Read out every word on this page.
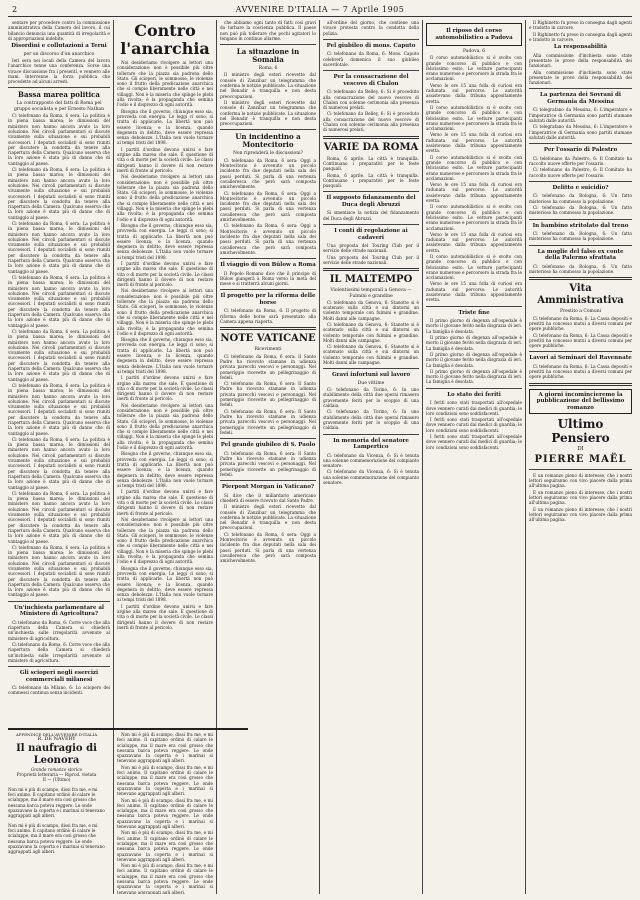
2	AVVENIRE D'ITALIA — 7 Aprile 1905

sentare per procedere contro la commissione amministrativa della Camera del lavoro, il cui bilancio denuncia una quantità di irregolarità e di appropriazioni indebite.

Disordini e collutazioni a Terni
per un discorso d'un anarchico

Ieri sera nei locali della Camera del lavoro l'anarchico tenne una conferenza. Sorse una vivace discussione fra i presenti, e vennero alle mani. Intervenne la forza pubblica che procedette ad alcuni arresti.

Bassa marea politica
La contrapposto del fatti di Roma pel gruppo socialista e per Ernesto Nathan

Ci telefonano da Roma, 6 sera: La politica è in piena bassa marea; le dimissioni del ministero non hanno ancora avuto la loro soluzione. Nei circoli parlamentari si discute vivamente sulla situazione e sui probabili successori. I deputati socialisti si sono riuniti per discutere la condotta da tenere alla riapertura della Camera. Qualcuno osserva che la loro azione è stata più di danno che di vantaggio al paese.

Ci telefonano da Roma, 6 sera: La politica è in piena bassa marea; le dimissioni del ministero non hanno ancora avuto la loro soluzione. Nei circoli parlamentari si discute vivamente sulla situazione e sui probabili successori. I deputati socialisti si sono riuniti per discutere la condotta da tenere alla riapertura della Camera. Qualcuno osserva che la loro azione è stata più di danno che di vantaggio al paese.

Ci telefonano da Roma, 6 sera: La politica è in piena bassa marea; le dimissioni del ministero non hanno ancora avuto la loro soluzione. Nei circoli parlamentari si discute vivamente sulla situazione e sui probabili successori. I deputati socialisti si sono riuniti per discutere la condotta da tenere alla riapertura della Camera. Qualcuno osserva che la loro azione è stata più di danno che di vantaggio al paese.

Ci telefonano da Roma, 6 sera: La politica è in piena bassa marea; le dimissioni del ministero non hanno ancora avuto la loro soluzione. Nei circoli parlamentari si discute vivamente sulla situazione e sui probabili successori. I deputati socialisti si sono riuniti per discutere la condotta da tenere alla riapertura della Camera. Qualcuno osserva che la loro azione è stata più di danno che di vantaggio al paese.

Ci telefonano da Roma, 6 sera: La politica è in piena bassa marea; le dimissioni del ministero non hanno ancora avuto la loro soluzione. Nei circoli parlamentari si discute vivamente sulla situazione e sui probabili successori. I deputati socialisti si sono riuniti per discutere la condotta da tenere alla riapertura della Camera. Qualcuno osserva che la loro azione è stata più di danno che di vantaggio al paese.

Ci telefonano da Roma, 6 sera: La politica è in piena bassa marea; le dimissioni del ministero non hanno ancora avuto la loro soluzione. Nei circoli parlamentari si discute vivamente sulla situazione e sui probabili successori. I deputati socialisti si sono riuniti per discutere la condotta da tenere alla riapertura della Camera. Qualcuno osserva che la loro azione è stata più di danno che di vantaggio al paese.

Ci telefonano da Roma, 6 sera: La politica è in piena bassa marea; le dimissioni del ministero non hanno ancora avuto la loro soluzione. Nei circoli parlamentari si discute vivamente sulla situazione e sui probabili successori. I deputati socialisti si sono riuniti per discutere la condotta da tenere alla riapertura della Camera. Qualcuno osserva che la loro azione è stata più di danno che di vantaggio al paese.

Ci telefonano da Roma, 6 sera: La politica è in piena bassa marea; le dimissioni del ministero non hanno ancora avuto la loro soluzione. Nei circoli parlamentari si discute vivamente sulla situazione e sui probabili successori. I deputati socialisti si sono riuniti per discutere la condotta da tenere alla riapertura della Camera. Qualcuno osserva che la loro azione è stata più di danno che di vantaggio al paese.

Ci telefonano da Roma, 6 sera: La politica è in piena bassa marea; le dimissioni del ministero non hanno ancora avuto la loro soluzione. Nei circoli parlamentari si discute vivamente sulla situazione e sui probabili successori. I deputati socialisti si sono riuniti per discutere la condotta da tenere alla riapertura della Camera. Qualcuno osserva che la loro azione è stata più di danno che di vantaggio al paese.

Un'inchiesta parlamentare al Ministero di Agricoltura?

Ci telefonano da Roma, 6: Corre voce che alla riapertura della Camera si chiederà un'inchiesta sulle irregolarità avvenute al ministero di agricoltura.

Ci telefonano da Roma, 6: Corre voce che alla riapertura della Camera si chiederà un'inchiesta sulle irregolarità avvenute al ministero di agricoltura.

Gli scioperi negli esercizi commerciali milanesi

Ci telefonano da Milano, 6: Lo sciopero dei commessi continua senza incidenti.

Contro l'anarchia

Noi desideriamo rivolgere ai lettori una considerazione: non è possibile più oltre tollerare che la piazza sia padrona dello Stato. Gli scioperi, le sommosse, le violenze sono il frutto della predicazione anarchica che si compie liberamente nelle città e nei villaggi. Non è la miseria che spinge le plebi alla rivolta; è la propaganda che semina l'odio e il disprezzo di ogni autorità.

Bisogna che il governo, chiunque esso sia, provveda con energia. Le leggi ci sono; si tratta di applicarle. La libertà non può essere licenza; e la licenza, quando degenera in delitto, deve essere repressa senza debolezze. L'Italia non vuole tornare ai tempi tristi del 1898.

I partiti d'ordine devono unirsi e fare argine alla marea che sale. È questione di vita o di morte per la società civile. Le classi dirigenti hanno il dovere di non restare inerti di fronte al pericolo.

Noi desideriamo rivolgere ai lettori una considerazione: non è possibile più oltre tollerare che la piazza sia padrona dello Stato. Gli scioperi, le sommosse, le violenze sono il frutto della predicazione anarchica che si compie liberamente nelle città e nei villaggi. Non è la miseria che spinge le plebi alla rivolta; è la propaganda che semina l'odio e il disprezzo di ogni autorità.

Bisogna che il governo, chiunque esso sia, provveda con energia. Le leggi ci sono; si tratta di applicarle. La libertà non può essere licenza; e la licenza, quando degenera in delitto, deve essere repressa senza debolezze. L'Italia non vuole tornare ai tempi tristi del 1898.

I partiti d'ordine devono unirsi e fare argine alla marea che sale. È questione di vita o di morte per la società civile. Le classi dirigenti hanno il dovere di non restare inerti di fronte al pericolo.

Noi desideriamo rivolgere ai lettori una considerazione: non è possibile più oltre tollerare che la piazza sia padrona dello Stato. Gli scioperi, le sommosse, le violenze sono il frutto della predicazione anarchica che si compie liberamente nelle città e nei villaggi. Non è la miseria che spinge le plebi alla rivolta; è la propaganda che semina l'odio e il disprezzo di ogni autorità.

Bisogna che il governo, chiunque esso sia, provveda con energia. Le leggi ci sono; si tratta di applicarle. La libertà non può essere licenza; e la licenza, quando degenera in delitto, deve essere repressa senza debolezze. L'Italia non vuole tornare ai tempi tristi del 1898.

I partiti d'ordine devono unirsi e fare argine alla marea che sale. È questione di vita o di morte per la società civile. Le classi dirigenti hanno il dovere di non restare inerti di fronte al pericolo.

Noi desideriamo rivolgere ai lettori una considerazione: non è possibile più oltre tollerare che la piazza sia padrona dello Stato. Gli scioperi, le sommosse, le violenze sono il frutto della predicazione anarchica che si compie liberamente nelle città e nei villaggi. Non è la miseria che spinge le plebi alla rivolta; è la propaganda che semina l'odio e il disprezzo di ogni autorità.

Bisogna che il governo, chiunque esso sia, provveda con energia. Le leggi ci sono; si tratta di applicarle. La libertà non può essere licenza; e la licenza, quando degenera in delitto, deve essere repressa senza debolezze. L'Italia non vuole tornare ai tempi tristi del 1898.

I partiti d'ordine devono unirsi e fare argine alla marea che sale. È questione di vita o di morte per la società civile. Le classi dirigenti hanno il dovere di non restare inerti di fronte al pericolo.

Noi desideriamo rivolgere ai lettori una considerazione: non è possibile più oltre tollerare che la piazza sia padrona dello Stato. Gli scioperi, le sommosse, le violenze sono il frutto della predicazione anarchica che si compie liberamente nelle città e nei villaggi. Non è la miseria che spinge le plebi alla rivolta; è la propaganda che semina l'odio e il disprezzo di ogni autorità.

Bisogna che il governo, chiunque esso sia, provveda con energia. Le leggi ci sono; si tratta di applicarle. La libertà non può essere licenza; e la licenza, quando degenera in delitto, deve essere repressa senza debolezze. L'Italia non vuole tornare ai tempi tristi del 1898.

I partiti d'ordine devono unirsi e fare argine alla marea che sale. È questione di vita o di morte per la società civile. Le classi dirigenti hanno il dovere di non restare inerti di fronte al pericolo.

che abbiamo ogni tanto di fatti così gravi da turbare la coscienza pubblica. Il paese non può più tollerare che pochi agitatori lo tengano in continuo allarme.

La situazione in Somalia
Roma, 6

Il ministro degli esteri ricevette dal console di Zanzibar un telegramma che conferma le notizie pubblicate. La situazione nel Benadir è tranquilla e non desta preoccupazioni.

Il ministro degli esteri ricevette dal console di Zanzibar un telegramma che conferma le notizie pubblicate. La situazione nel Benadir è tranquilla e non desta preoccupazioni.

Un incidentino a Montecitorio
Non riprenderà le discussioni?

Ci telefonano da Roma, 6 sera: Oggi a Montecitorio è avvenuto un piccolo incidente fra due deputati nella sala dei passi perduti. Si parla di una vertenza cavalleresca che però sarà composta amichevolmente.

Ci telefonano da Roma, 6 sera: Oggi a Montecitorio è avvenuto un piccolo incidente fra due deputati nella sala dei passi perduti. Si parla di una vertenza cavalleresca che però sarà composta amichevolmente.

Ci telefonano da Roma, 6 sera: Oggi a Montecitorio è avvenuto un piccolo incidente fra due deputati nella sala dei passi perduti. Si parla di una vertenza cavalleresca che però sarà composta amichevolmente.

Il viaggio di von Bülow a Roma

Il Popolo Romano dice che il principe di Bülow giungerà a Roma verso la metà del mese e si tratterrà alcuni giorni.

Il progetto per la riforma delle borse

Ci telefonano da Roma, 6: Il progetto di riforma delle borse sarà presentato alla Camera appena riaperta.

NOTE VATICANE
Ricevimenti

Ci telefonano da Roma, 6 sera: Il Santo Padre ha ricevuto stamane in udienza privata parecchi vescovi e personaggi. Nel pomeriggio ricevette un pellegrinaggio di fedeli.

Ci telefonano da Roma, 6 sera: Il Santo Padre ha ricevuto stamane in udienza privata parecchi vescovi e personaggi. Nel pomeriggio ricevette un pellegrinaggio di fedeli.

Ci telefonano da Roma, 6 sera: Il Santo Padre ha ricevuto stamane in udienza privata parecchi vescovi e personaggi. Nel pomeriggio ricevette un pellegrinaggio di fedeli.

Pel grande giubileo di S. Paolo

Ci telefonano da Roma, 6 sera: Il Santo Padre ha ricevuto stamane in udienza privata parecchi vescovi e personaggi. Nel pomeriggio ricevette un pellegrinaggio di fedeli.

Pierpont Morgan in Vaticano?

Si dice che il miliardario americano chiederà di essere ricevuto dal Santo Padre.

Il ministro degli esteri ricevette dal console di Zanzibar un telegramma che conferma le notizie pubblicate. La situazione nel Benadir è tranquilla e non desta preoccupazioni.

Ci telefonano da Roma, 6 sera: Oggi a Montecitorio è avvenuto un piccolo incidente fra due deputati nella sala dei passi perduti. Si parla di una vertenza cavalleresca che però sarà composta amichevolmente.

all'ordine del giorno, che contiene una vivace protesta contro la condotta della polizia.

Pel giubileo di mons. Caputo

Ci telefonano da Roma, 6: Mons. Caputo celebrerà domenica il suo giubileo sacerdotale.

Per la consacrazione del vescovo di Chalon

Ci telefonano da Belley, 6: Si è proceduto alla consacrazione del nuovo vescovo di Chalon con solenne cerimonia alla presenza di numerosi prelati.

Ci telefonano da Belley, 6: Si è proceduto alla consacrazione del nuovo vescovo di Chalon con solenne cerimonia alla presenza di numerosi prelati.

VARIE DA ROMA

Roma, 6 aprile. La città è tranquilla. Continuano i preparativi per le feste pasquali.

Roma, 6 aprile. La città è tranquilla. Continuano i preparativi per le feste pasquali.

Il supposto fidanzamento del Duca degli Abruzzi

Si smentisce la notizia del fidanzamento del Duca degli Abruzzi.

I conti di regolazione ai cadaveri

Una proposta del Touring Club per il servizio delle strade nazionali.

Una proposta del Touring Club per il servizio delle strade nazionali.

IL MALTEMPO
Violentissimi temporali a Genova — Fulmini e grandine

Ci telefonano da Genova, 6: Stanotte si è scatenato sulla città e sui dintorni un violento temporale con fulmini e grandine. Molti danni alle campagne.

Ci telefonano da Genova, 6: Stanotte si è scatenato sulla città e sui dintorni un violento temporale con fulmini e grandine. Molti danni alle campagne.

Ci telefonano da Genova, 6: Stanotte si è scatenato sulla città e sui dintorni un violento temporale con fulmini e grandine. Molti danni alle campagne.

Gravi infortuni sul lavoro
Due vittime

Ci telefonano da Torino, 6: In uno stabilimento della città due operai rimasero gravemente feriti per lo scoppio di una caldaia.

Ci telefonano da Torino, 6: In uno stabilimento della città due operai rimasero gravemente feriti per lo scoppio di una caldaia.

In memoria del senatore Lampertico

Ci telefonano da Vicenza, 6: Si è tenuta una solenne commemorazione del compianto senatore.

Ci telefonano da Vicenza, 6: Si è tenuta una solenne commemorazione del compianto senatore.

Il riposo del corso automobilistico a Padova
Padova, 6

Il corso automobilistico si è svolto con grande concorso di pubblico e con felicissimo esito. Le vetture partecipanti erano numerose e percorsero la strada fra le acclamazioni.

Verso le ore 15 una folla di curiosi era radunata sul percorso. Le autorità assistevano dalla tribuna appositamente eretta.

Il corso automobilistico si è svolto con grande concorso di pubblico e con felicissimo esito. Le vetture partecipanti erano numerose e percorsero la strada fra le acclamazioni.

Verso le ore 15 una folla di curiosi era radunata sul percorso. Le autorità assistevano dalla tribuna appositamente eretta.

Il corso automobilistico si è svolto con grande concorso di pubblico e con felicissimo esito. Le vetture partecipanti erano numerose e percorsero la strada fra le acclamazioni.

Verso le ore 15 una folla di curiosi era radunata sul percorso. Le autorità assistevano dalla tribuna appositamente eretta.

Il corso automobilistico si è svolto con grande concorso di pubblico e con felicissimo esito. Le vetture partecipanti erano numerose e percorsero la strada fra le acclamazioni.

Verso le ore 15 una folla di curiosi era radunata sul percorso. Le autorità assistevano dalla tribuna appositamente eretta.

Il corso automobilistico si è svolto con grande concorso di pubblico e con felicissimo esito. Le vetture partecipanti erano numerose e percorsero la strada fra le acclamazioni.

Verso le ore 15 una folla di curiosi era radunata sul percorso. Le autorità assistevano dalla tribuna appositamente eretta.

Triste fine

Il primo giorno di degenza all'ospedale è morto il giovane ferito nella disgrazia di ieri. La famiglia è desolata.

Il primo giorno di degenza all'ospedale è morto il giovane ferito nella disgrazia di ieri. La famiglia è desolata.

Il primo giorno di degenza all'ospedale è morto il giovane ferito nella disgrazia di ieri. La famiglia è desolata.

Il primo giorno di degenza all'ospedale è morto il giovane ferito nella disgrazia di ieri. La famiglia è desolata.

Lo stato dei feriti

I feriti sono stati trasportati all'ospedale dove vennero curati dai medici di guardia; le loro condizioni sono soddisfacenti.

I feriti sono stati trasportati all'ospedale dove vennero curati dai medici di guardia; le loro condizioni sono soddisfacenti.

I feriti sono stati trasportati all'ospedale dove vennero curati dai medici di guardia; le loro condizioni sono soddisfacenti.

Il Righinetto fu preso in consegna dagli agenti e tradotto in carcere.

Il Righinetto fu preso in consegna dagli agenti e tradotto in carcere.

La responsabilità

Alla commissione d'inchiesta sono state presentate le prove della responsabilità dei funzionari.

Alla commissione d'inchiesta sono state presentate le prove della responsabilità dei funzionari.

La partenza dei Sovrani di Germania da Messina

Ci telegrafano da Messina, 6: L'imperatore e l'imperatrice di Germania sono partiti stamane salutati dalle autorità.

Ci telegrafano da Messina, 6: L'imperatore e l'imperatrice di Germania sono partiti stamane salutati dalle autorità.

Per l'ossario di Palestro

Ci telefonano da Palestro, 6: Il Comitato ha raccolto nuove offerte per l'ossario.

Ci telefonano da Palestro, 6: Il Comitato ha raccolto nuove offerte per l'ossario.

Delitto e suicidio?

Ci telefonano da Bologna, 6: Un fatto misterioso ha commosso la popolazione.

Ci telefonano da Bologna, 6: Un fatto misterioso ha commosso la popolazione.

In bambino stritolato dal treno

Ci telefonano da Bologna, 6: Un fatto misterioso ha commosso la popolazione.

La moglie del falso ex conte della Palermo sfrattata

Ci telefonano da Bologna, 6: Un fatto misterioso ha commosso la popolazione.

Vita Amministrativa
Prestito a Comuni

Ci telefonano da Roma, 6: La Cassa depositi e prestiti ha concesso mutui a diversi comuni per opere pubbliche.

Ci telefonano da Roma, 6: La Cassa depositi e prestiti ha concesso mutui a diversi comuni per opere pubbliche.

Lavori ai Seminari del Ravennate

Ci telefonano da Roma, 6: La Cassa depositi e prestiti ha concesso mutui a diversi comuni per opere pubbliche.

A giorni incomincieremo la pubblicazione del bellissimo romanzo
Ultimo Pensiero
DI
PIERRE MAËL

E un romanzo pieno di interesse, che i nostri lettori seguiranno con vivo piacere dalla prima all'ultima pagina.

E un romanzo pieno di interesse, che i nostri lettori seguiranno con vivo piacere dalla prima all'ultima pagina.

E un romanzo pieno di interesse, che i nostri lettori seguiranno con vivo piacere dalla prima all'ultima pagina.

APPENDICE DELL'AVVENIRE D'ITALIA
R. DE NAVERY
Il naufragio di Leonora
Grande romanzo storico
Proprietà letteraria — Riprod. vietata
II — (Ultimo)

Non mi è più di scampo, dissi fra me, e mi feci animo. Il capitano ordinò di calare le scialuppe, ma il mare era così grosso che nessuna barca poteva reggere. Le onde spazzavano la coperta e i marinai si tenevano aggrappati agli alberi.

Non mi è più di scampo, dissi fra me, e mi feci animo. Il capitano ordinò di calare le scialuppe, ma il mare era così grosso che nessuna barca poteva reggere. Le onde spazzavano la coperta e i marinai si tenevano aggrappati agli alberi.

Non mi è più di scampo, dissi fra me, e mi feci animo. Il capitano ordinò di calare le scialuppe, ma il mare era così grosso che nessuna barca poteva reggere. Le onde spazzavano la coperta e i marinai si tenevano aggrappati agli alberi.

Non mi è più di scampo, dissi fra me, e mi feci animo. Il capitano ordinò di calare le scialuppe, ma il mare era così grosso che nessuna barca poteva reggere. Le onde spazzavano la coperta e i marinai si tenevano aggrappati agli alberi.

Non mi è più di scampo, dissi fra me, e mi feci animo. Il capitano ordinò di calare le scialuppe, ma il mare era così grosso che nessuna barca poteva reggere. Le onde spazzavano la coperta e i marinai si tenevano aggrappati agli alberi.

Non mi è più di scampo, dissi fra me, e mi feci animo. Il capitano ordinò di calare le scialuppe, ma il mare era così grosso che nessuna barca poteva reggere. Le onde spazzavano la coperta e i marinai si tenevano aggrappati agli alberi.

Non mi è più di scampo, dissi fra me, e mi feci animo. Il capitano ordinò di calare le scialuppe, ma il mare era così grosso che nessuna barca poteva reggere. Le onde spazzavano la coperta e i marinai si tenevano aggrappati agli alberi.
